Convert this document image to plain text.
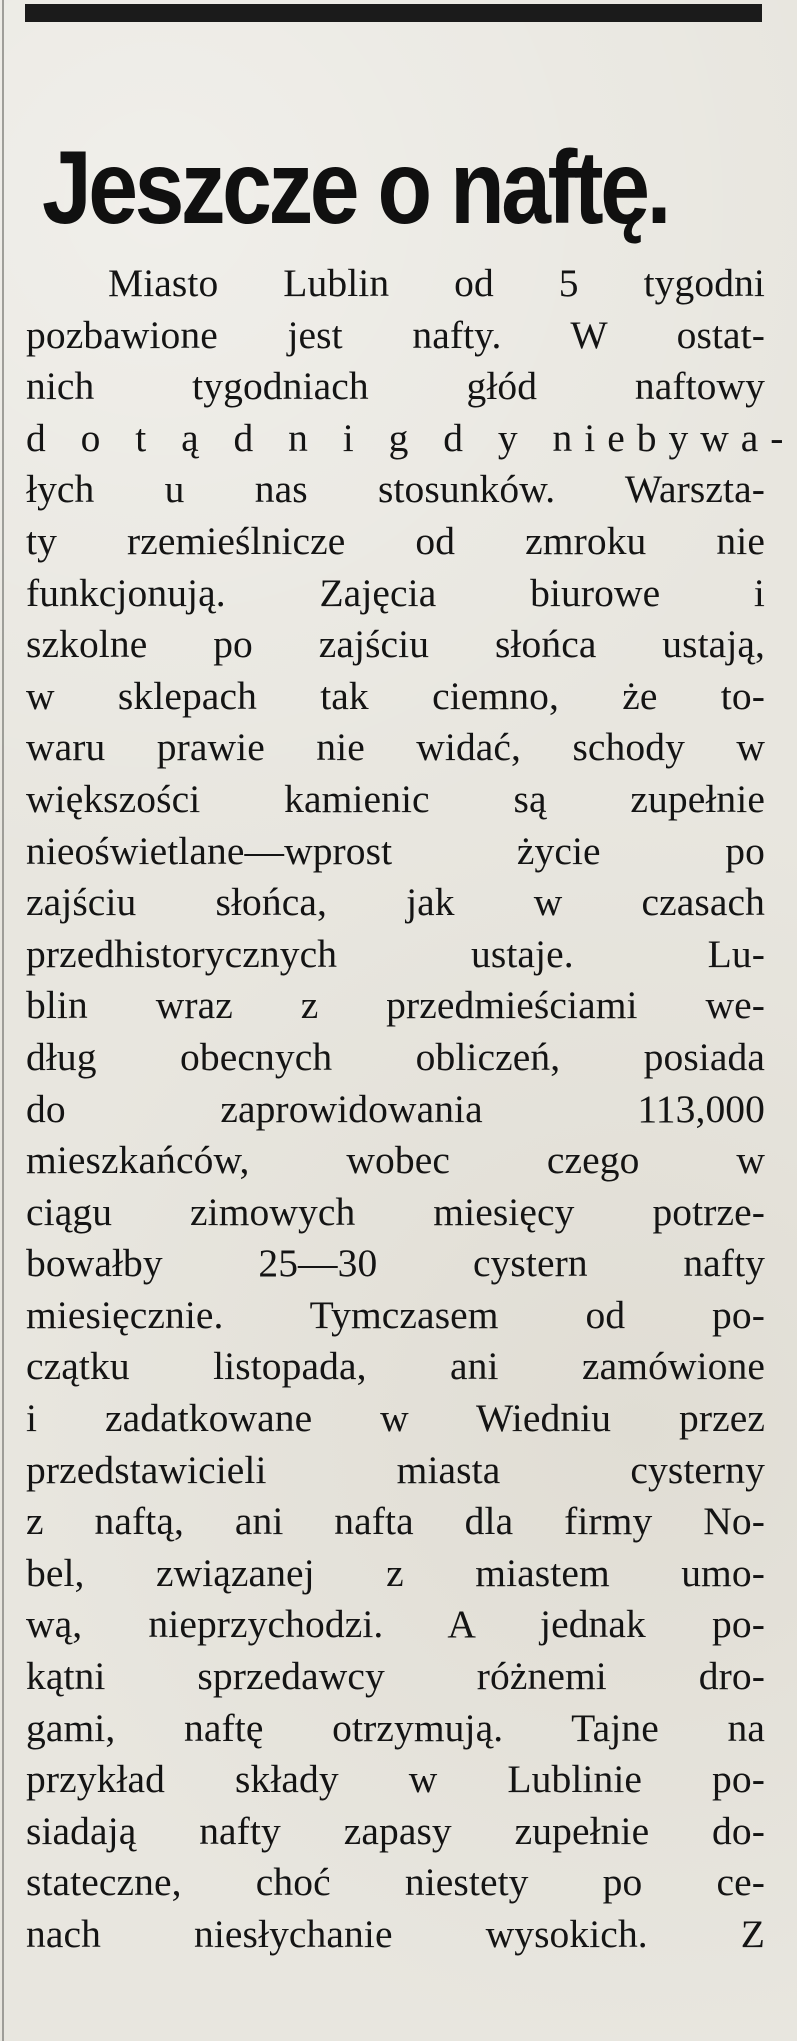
Jeszcze o naftę.

Miasto Lublin od 5 tygodni
pozbawione jest nafty. W ostat-
nich tygodniach głód naftowy
d o t ą d n i g d y niebywa-
łych u nas stosunków. Warszta-
ty rzemieślnicze od zmroku nie
funkcjonują. Zajęcia biurowe i
szkolne po zajściu słońca ustają,
w sklepach tak ciemno, że to-
waru prawie nie widać, schody w
większości kamienic są zupełnie
nieoświetlane—wprost życie po
zajściu słońca, jak w czasach
przedhistorycznych ustaje. Lu-
blin wraz z przedmieściami we-
dług obecnych obliczeń, posiada
do zaprowidowania 113,000
mieszkańców, wobec czego w
ciągu zimowych miesięcy potrze-
bowałby 25—30 cystern nafty
miesięcznie. Tymczasem od po-
czątku listopada, ani zamówione
i zadatkowane w Wiedniu przez
przedstawicieli miasta cysterny
z naftą, ani nafta dla firmy No-
bel, związanej z miastem umo-
wą, nieprzychodzi. A jednak po-
kątni sprzedawcy różnemi dro-
gami, naftę otrzymują. Tajne na
przykład składy w Lublinie po-
siadają nafty zapasy zupełnie do-
stateczne, choć niestety po ce-
nach niesłychanie wysokich. Z
